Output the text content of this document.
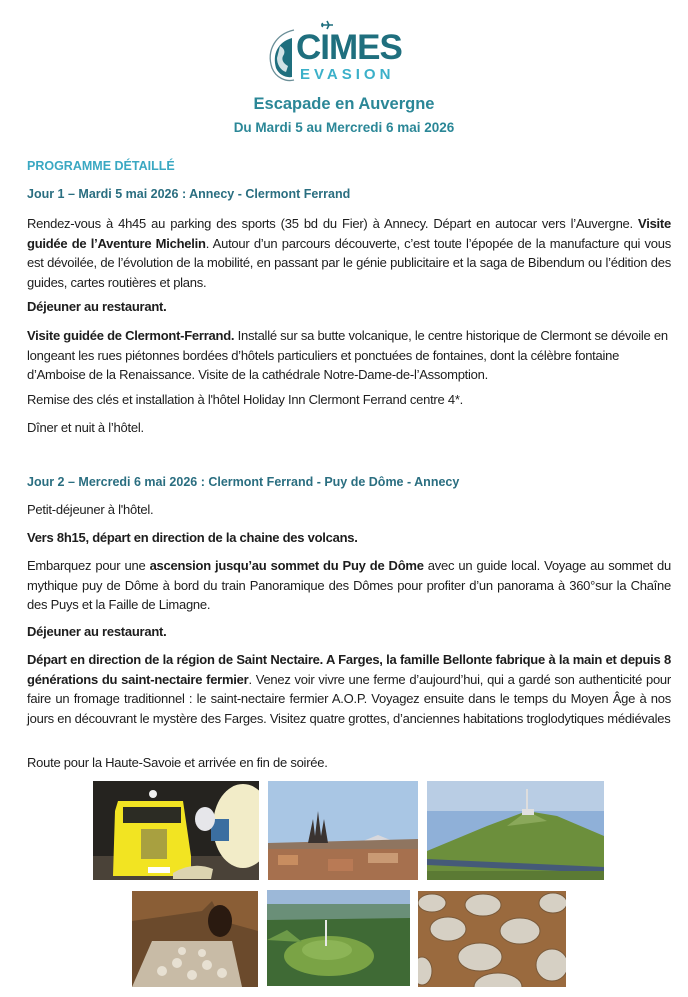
CIMES
EVASION
Escapade en Auvergne
Du Mardi 5 au Mercredi 6 mai 2026
PROGRAMME DÉTAILLÉ
Jour 1 – Mardi 5 mai 2026 : Annecy - Clermont Ferrand
Rendez-vous à 4h45 au parking des sports (35 bd du Fier) à Annecy. Départ en autocar vers l’Auvergne. Visite guidée de l’Aventure Michelin. Autour d’un parcours découverte, c’est toute l’épopée de la manufacture qui vous est dévoilée, de l’évolution de la mobilité, en passant par le génie publicitaire et la saga de Bibendum ou l’édition des guides, cartes routières et plans.
Déjeuner au restaurant.
Visite guidée de Clermont-Ferrand. Installé sur sa butte volcanique, le centre historique de Clermont se dévoile en longeant les rues piétonnes bordées d’hôtels particuliers et ponctuées de fontaines, dont la célèbre fontaine d’Amboise de la Renaissance. Visite de la cathédrale Notre-Dame-de-l’Assomption.
Remise des clés et installation à l'hôtel Holiday Inn Clermont Ferrand centre 4*.
Dîner et nuit à l’hôtel.
Jour 2 – Mercredi 6 mai 2026 : Clermont Ferrand - Puy de Dôme - Annecy
Petit-déjeuner à l'hôtel.
Vers 8h15, départ en direction de la chaine des volcans.
Embarquez pour une ascension jusqu’au sommet du Puy de Dôme avec un guide local. Voyage au sommet du mythique puy de Dôme à bord du train Panoramique des Dômes pour profiter d’un panorama à 360°sur la Chaîne des Puys et la Faille de Limagne.
Déjeuner au restaurant.
Départ en direction de la région de Saint Nectaire. A Farges, la famille Bellonte fabrique à la main et depuis 8 générations du saint-nectaire fermier. Venez voir vivre une ferme d’aujourd’hui, qui a gardé son authenticité pour faire un fromage traditionnel : le saint-nectaire fermier A.O.P. Voyagez ensuite dans le temps du Moyen Âge à nos jours en découvrant le mystère des Farges. Visitez quatre grottes, d’anciennes habitations troglodytiques médiévales
Route pour la Haute-Savoie et arrivée en fin de soirée.
